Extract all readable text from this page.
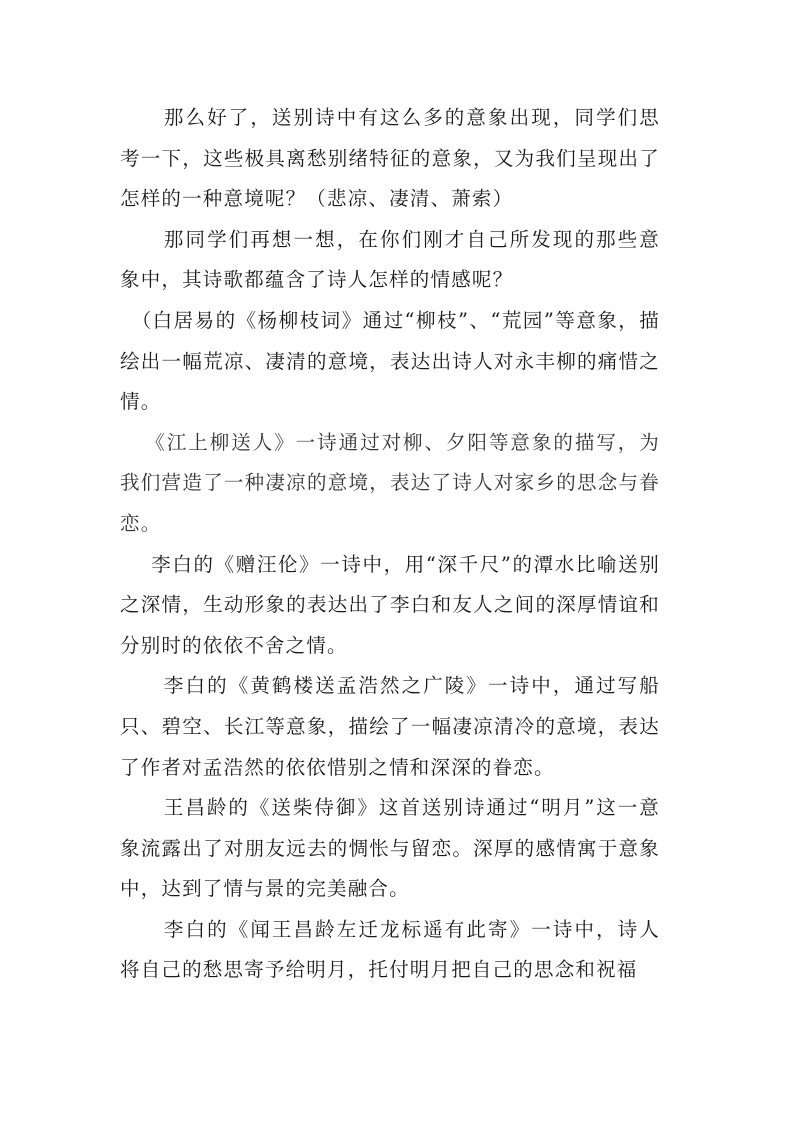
那么好了，送别诗中有这么多的意象出现，同学们思考一下，这些极具离愁别绪特征的意象，又为我们呈现出了怎样的一种意境呢？（悲凉、凄清、萧索）

那同学们再想一想，在你们刚才自己所发现的那些意象中，其诗歌都蕴含了诗人怎样的情感呢？

（白居易的《杨柳枝词》通过“柳枝”、“荒园”等意象，描绘出一幅荒凉、凄清的意境，表达出诗人对永丰柳的痛惜之情。

《江上柳送人》一诗通过对柳、夕阳等意象的描写，为我们营造了一种凄凉的意境，表达了诗人对家乡的思念与眷恋。

李白的《赠汪伦》一诗中，用“深千尺”的潭水比喻送别之深情，生动形象的表达出了李白和友人之间的深厚情谊和分别时的依依不舍之情。

李白的《黄鹤楼送孟浩然之广陵》一诗中，通过写船只、碧空、长江等意象，描绘了一幅凄凉清冷的意境，表达了作者对孟浩然的依依惜别之情和深深的眷恋。

王昌龄的《送柴侍御》这首送别诗通过“明月”这一意象流露出了对朋友远去的惆怅与留恋。深厚的感情寓于意象中，达到了情与景的完美融合。

李白的《闻王昌龄左迁龙标遥有此寄》一诗中，诗人将自己的愁思寄予给明月，托付明月把自己的思念和祝福
